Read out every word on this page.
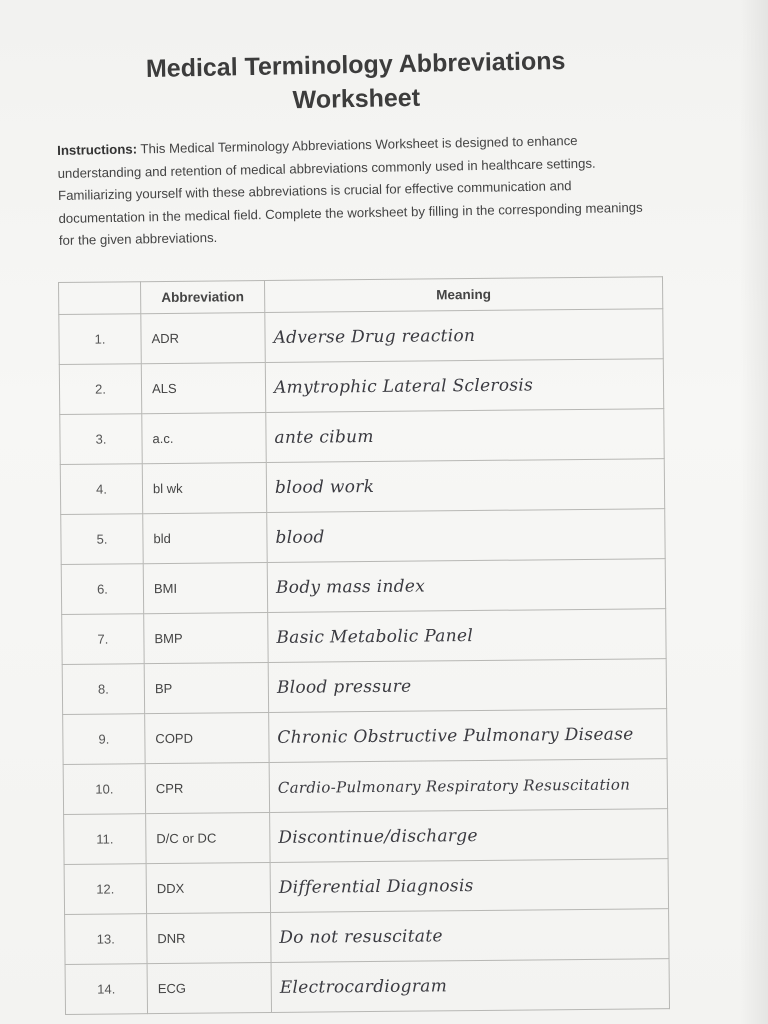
Medical Terminology Abbreviations
Worksheet
Instructions: This Medical Terminology Abbreviations Worksheet is designed to enhance understanding and retention of medical abbreviations commonly used in healthcare settings. Familiarizing yourself with these abbreviations is crucial for effective communication and documentation in the medical field. Complete the worksheet by filling in the corresponding meanings for the given abbreviations.
	Abbreviation	Meaning
1.	ADR	Adverse Drug reaction
2.	ALS	Amytrophic Lateral Sclerosis
3.	a.c.	ante cibum
4.	bl wk	blood work
5.	bld	blood
6.	BMI	Body mass index
7.	BMP	Basic Metabolic Panel
8.	BP	Blood pressure
9.	COPD	Chronic Obstructive Pulmonary Disease
10.	CPR	Cardio-Pulmonary Respiratory Resuscitation
11.	D/C or DC	Discontinue/discharge
12.	DDX	Differential Diagnosis
13.	DNR	Do not resuscitate
14.	ECG	Electrocardiogram
